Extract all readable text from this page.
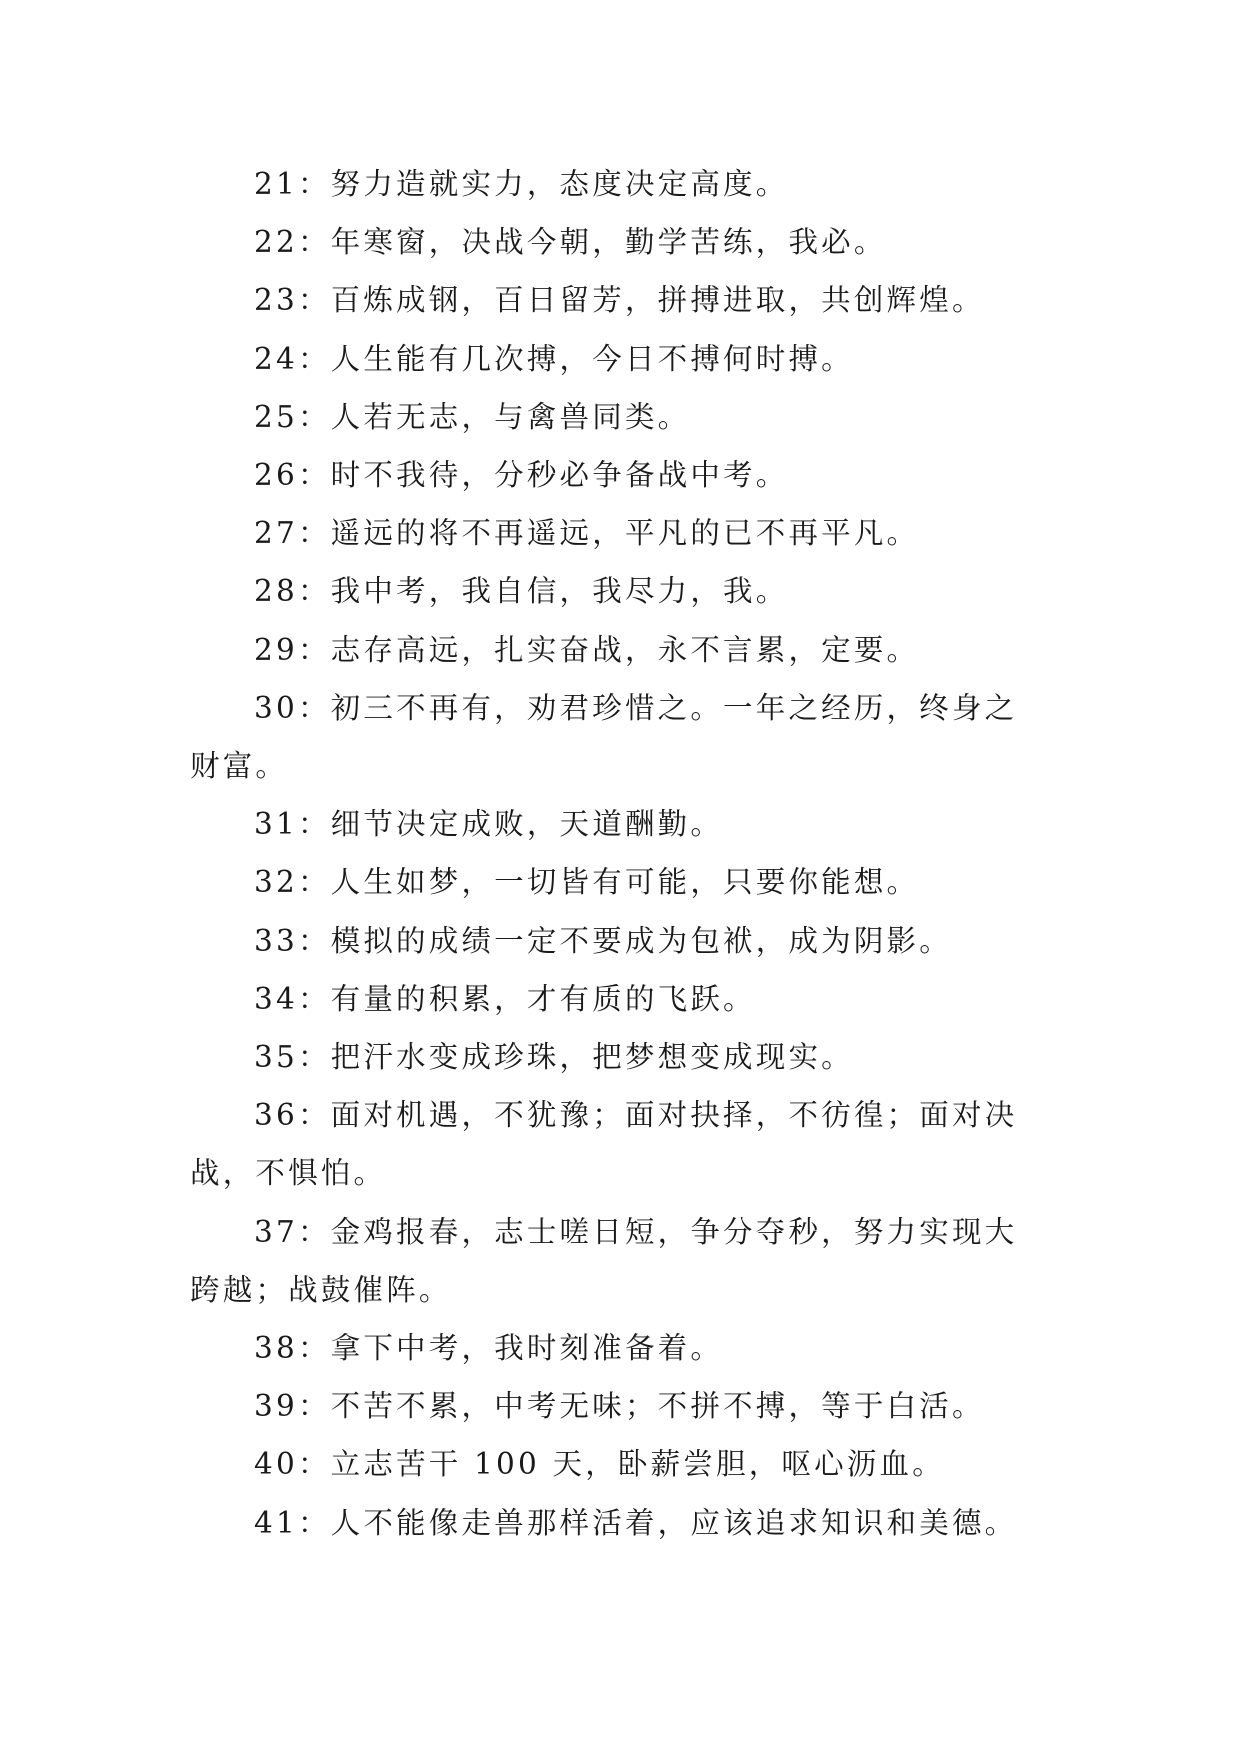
21：努力造就实力，态度决定高度。

22：年寒窗，决战今朝，勤学苦练，我必。

23：百炼成钢，百日留芳，拼搏进取，共创辉煌。

24：人生能有几次搏，今日不搏何时搏。

25：人若无志，与禽兽同类。

26：时不我待，分秒必争备战中考。

27：遥远的将不再遥远，平凡的已不再平凡。

28：我中考，我自信，我尽力，我。

29：志存高远，扎实奋战，永不言累，定要。

30：初三不再有，劝君珍惜之。一年之经历，终身之财富。

31：细节决定成败，天道酬勤。

32：人生如梦，一切皆有可能，只要你能想。

33：模拟的成绩一定不要成为包袱，成为阴影。

34：有量的积累，才有质的飞跃。

35：把汗水变成珍珠，把梦想变成现实。

36：面对机遇，不犹豫；面对抉择，不彷徨；面对决战，不惧怕。

37：金鸡报春，志士嗟日短，争分夺秒，努力实现大跨越；战鼓催阵。

38：拿下中考，我时刻准备着。

39：不苦不累，中考无味；不拼不搏，等于白活。

40：立志苦干 100 天，卧薪尝胆，呕心沥血。

41：人不能像走兽那样活着，应该追求知识和美德。
